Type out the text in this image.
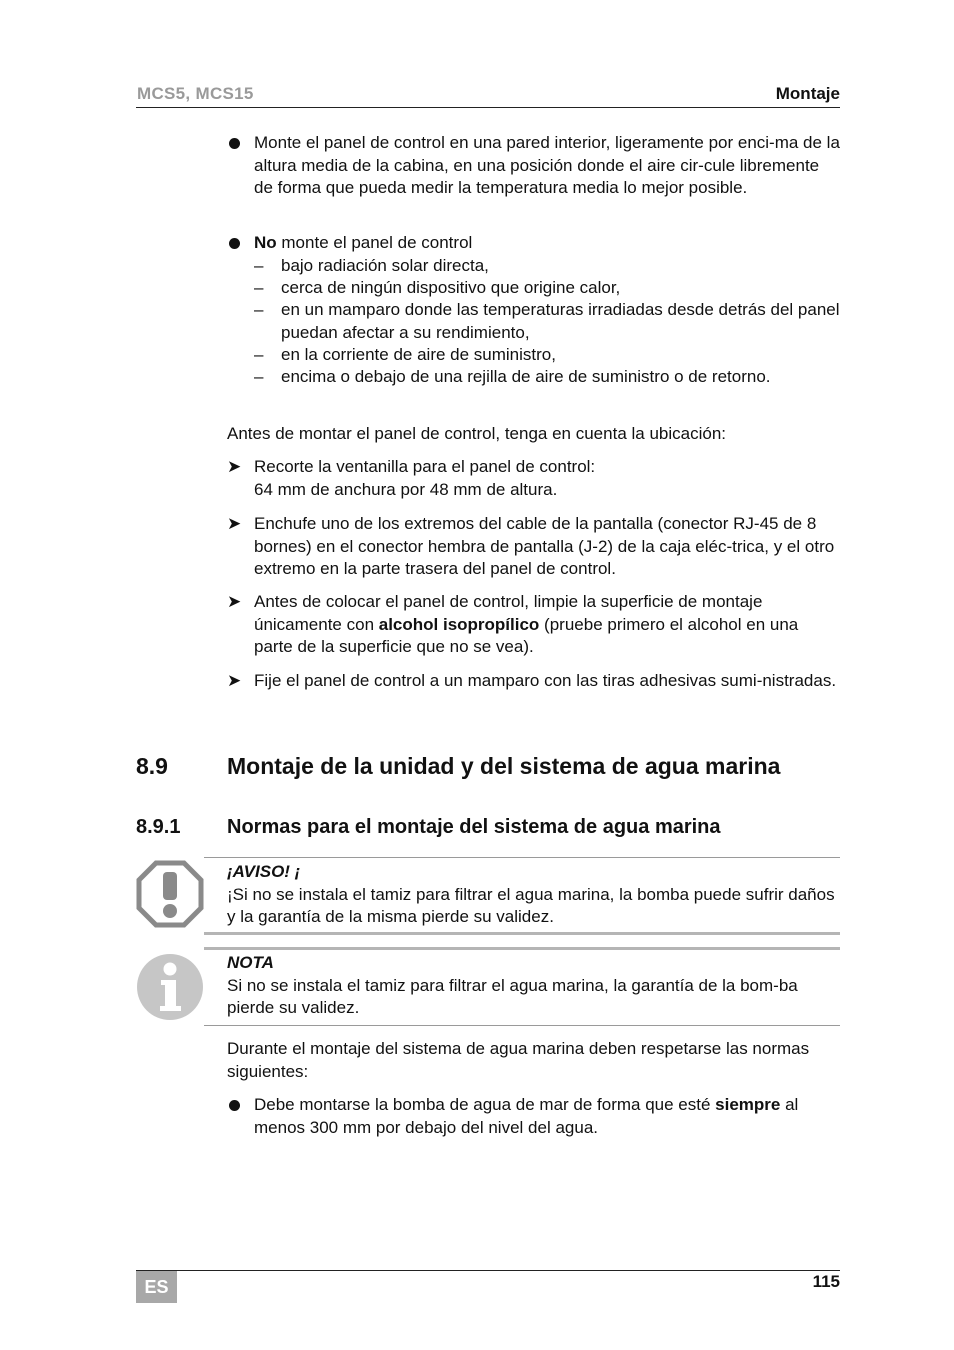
MCS5, MCS15	Montaje
Monte el panel de control en una pared interior, ligeramente por enci-ma de la altura media de la cabina, en una posición donde el aire cir-cule libremente de forma que pueda medir la temperatura media lo mejor posible.
No monte el panel de control
– bajo radiación solar directa,
– cerca de ningún dispositivo que origine calor,
– en un mamparo donde las temperaturas irradiadas desde detrás del panel puedan afectar a su rendimiento,
– en la corriente de aire de suministro,
– encima o debajo de una rejilla de aire de suministro o de retorno.
Antes de montar el panel de control, tenga en cuenta la ubicación:
➤ Recorte la ventanilla para el panel de control:
64 mm de anchura por 48 mm de altura.
➤ Enchufe uno de los extremos del cable de la pantalla (conector RJ-45 de 8 bornes) en el conector hembra de pantalla (J-2) de la caja eléc-trica, y el otro extremo en la parte trasera del panel de control.
➤ Antes de colocar el panel de control, limpie la superficie de montaje únicamente con alcohol isopropílico (pruebe primero el alcohol en una parte de la superficie que no se vea).
➤ Fije el panel de control a un mamparo con las tiras adhesivas sumi-nistradas.
8.9	Montaje de la unidad y del sistema de agua marina
8.9.1 Normas para el montaje del sistema de agua marina
¡AVISO! ¡
¡Si no se instala el tamiz para filtrar el agua marina, la bomba puede sufrir daños y la garantía de la misma pierde su validez.
NOTA
Si no se instala el tamiz para filtrar el agua marina, la garantía de la bom-ba pierde su validez.
Durante el montaje del sistema de agua marina deben respetarse las normas siguientes:
Debe montarse la bomba de agua de mar de forma que esté siempre al menos 300 mm por debajo del nivel del agua.
ES	115
